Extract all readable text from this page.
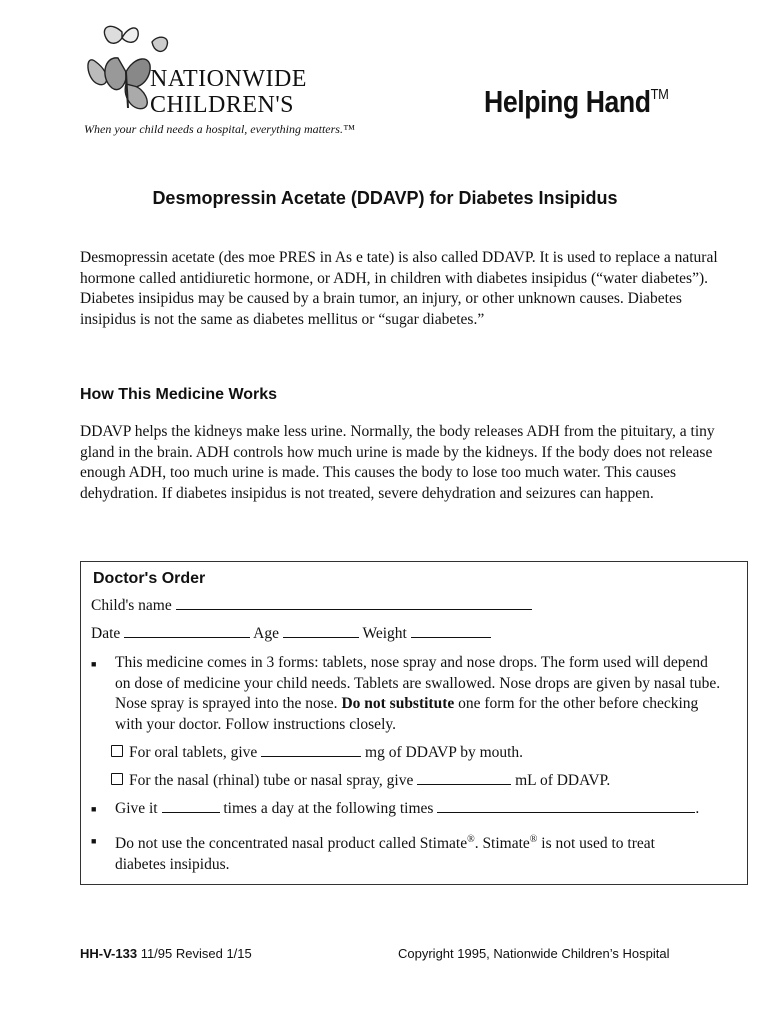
NATIONWIDE
CHILDREN'S
When your child needs a hospital, everything matters.™
Helping Hand™
Desmopressin Acetate (DDAVP) for Diabetes Insipidus

Desmopressin acetate (des moe PRES in As e tate) is also called DDAVP. It is used to replace a natural hormone called antidiuretic hormone, or ADH, in children with diabetes insipidus (“water diabetes”). Diabetes insipidus may be caused by a brain tumor, an injury, or other unknown causes. Diabetes insipidus is not the same as diabetes mellitus or “sugar diabetes.”

How This Medicine Works

DDAVP helps the kidneys make less urine. Normally, the body releases ADH from the pituitary, a tiny gland in the brain. ADH controls how much urine is made by the kidneys. If the body does not release enough ADH, too much urine is made. This causes the body to lose too much water. This causes dehydration. If diabetes insipidus is not treated, severe dehydration and seizures can happen.

Doctor's Order
Child's name
Date	Age	Weight
■ This medicine comes in 3 forms: tablets, nose spray and nose drops. The form used will depend on dose of medicine your child needs. Tablets are swallowed. Nose drops are given by nasal tube. Nose spray is sprayed into the nose. Do not substitute one form for the other before checking with your doctor. Follow instructions closely.
For oral tablets, give	mg of DDAVP by mouth.
For the nasal (rhinal) tube or nasal spray, give	mL of DDAVP.
■ Give it	times a day at the following times	.
■ Do not use the concentrated nasal product called Stimate®. Stimate® is not used to treat diabetes insipidus.
HH-V-133 11/95 Revised 1/15	Copyright 1995, Nationwide Children’s Hospital
